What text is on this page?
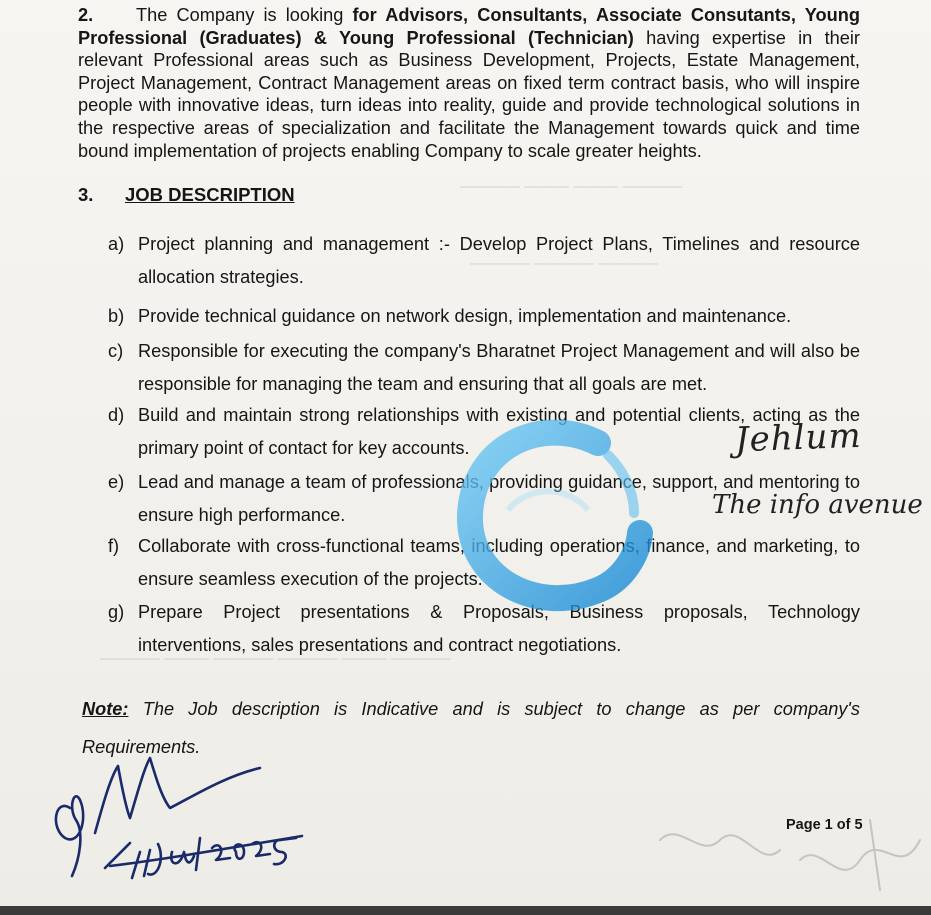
———— ——— ——— ————
———— ———— ————
———— ——— ———— ———— ——— ————
2. The Company is looking for Advisors, Consultants, Associate Consutants, Young Professional (Graduates) & Young Professional (Technician) having expertise in their relevant Professional areas such as Business Development, Projects, Estate Management, Project Management, Contract Management areas on fixed term contract basis, who will inspire people with innovative ideas, turn ideas into reality, guide and provide technological solutions in the respective areas of specialization and facilitate the Management towards quick and time bound implementation of projects enabling Company to scale greater heights.
3. JOB DESCRIPTION
a) Project planning and management :- Develop Project Plans, Timelines and resource allocation strategies.
b) Provide technical guidance on network design, implementation and maintenance.
c) Responsible for executing the company's Bharatnet Project Management and will also be responsible for managing the team and ensuring that all goals are met.
d) Build and maintain strong relationships with existing and potential clients, acting as the primary point of contact for key accounts.
e) Lead and manage a team of professionals, providing guidance, support, and mentoring to ensure high performance.
f)	Collaborate with cross-functional teams, including operations, finance, and marketing, to ensure seamless execution of the projects.
g) Prepare Project presentations & Proposals, Business proposals, Technology interventions, sales presentations and contract negotiations.
Note: The Job description is Indicative and is subject to change as per company's Requirements.
Jehlum
The info avenue
Page 1 of 5
